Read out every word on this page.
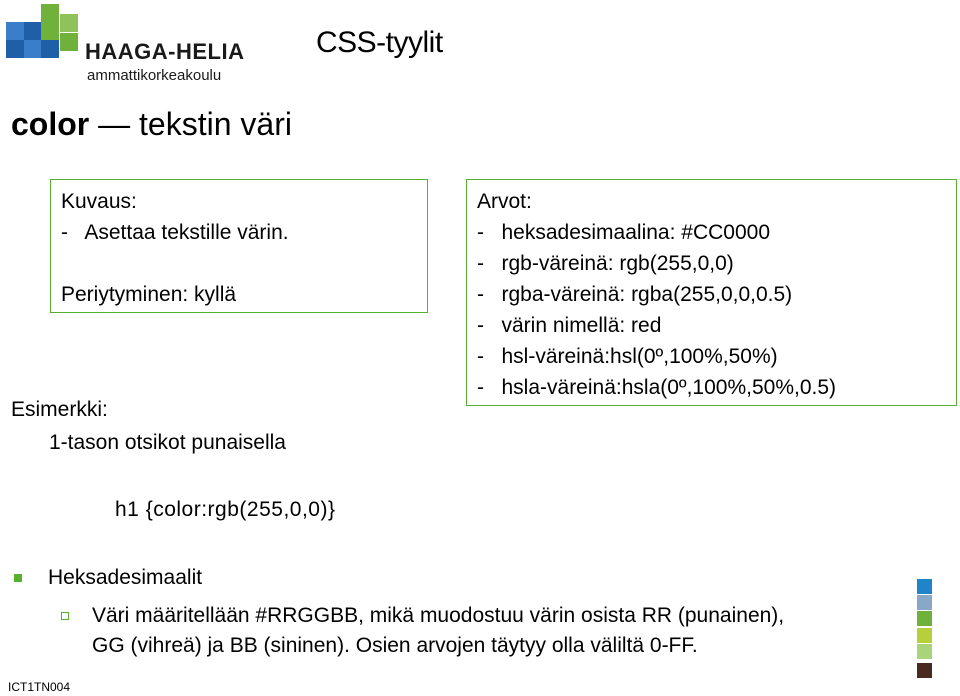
HAAGA-HELIA
ammattikorkeakoulu
CSS-tyylit
color — tekstin väri
Kuvaus:
-   Asettaa tekstille värin.

Periytyminen: kyllä
Arvot:
-   heksadesimaalina: #CC0000
-   rgb-väreinä: rgb(255,0,0)
-   rgba-väreinä: rgba(255,0,0,0.5)
-   värin nimellä: red
-   hsl-väreinä:hsl(0º,100%,50%)
-   hsla-väreinä:hsla(0º,100%,50%,0.5)
Esimerkki:
1-tason otsikot punaisella
h1 {color:rgb(255,0,0)}
Heksadesimaalit
Väri määritellään #RRGGBB, mikä muodostuu värin osista RR (punainen),
GG (vihreä) ja BB (sininen). Osien arvojen täytyy olla väliltä 0-FF.
ICT1TN004
